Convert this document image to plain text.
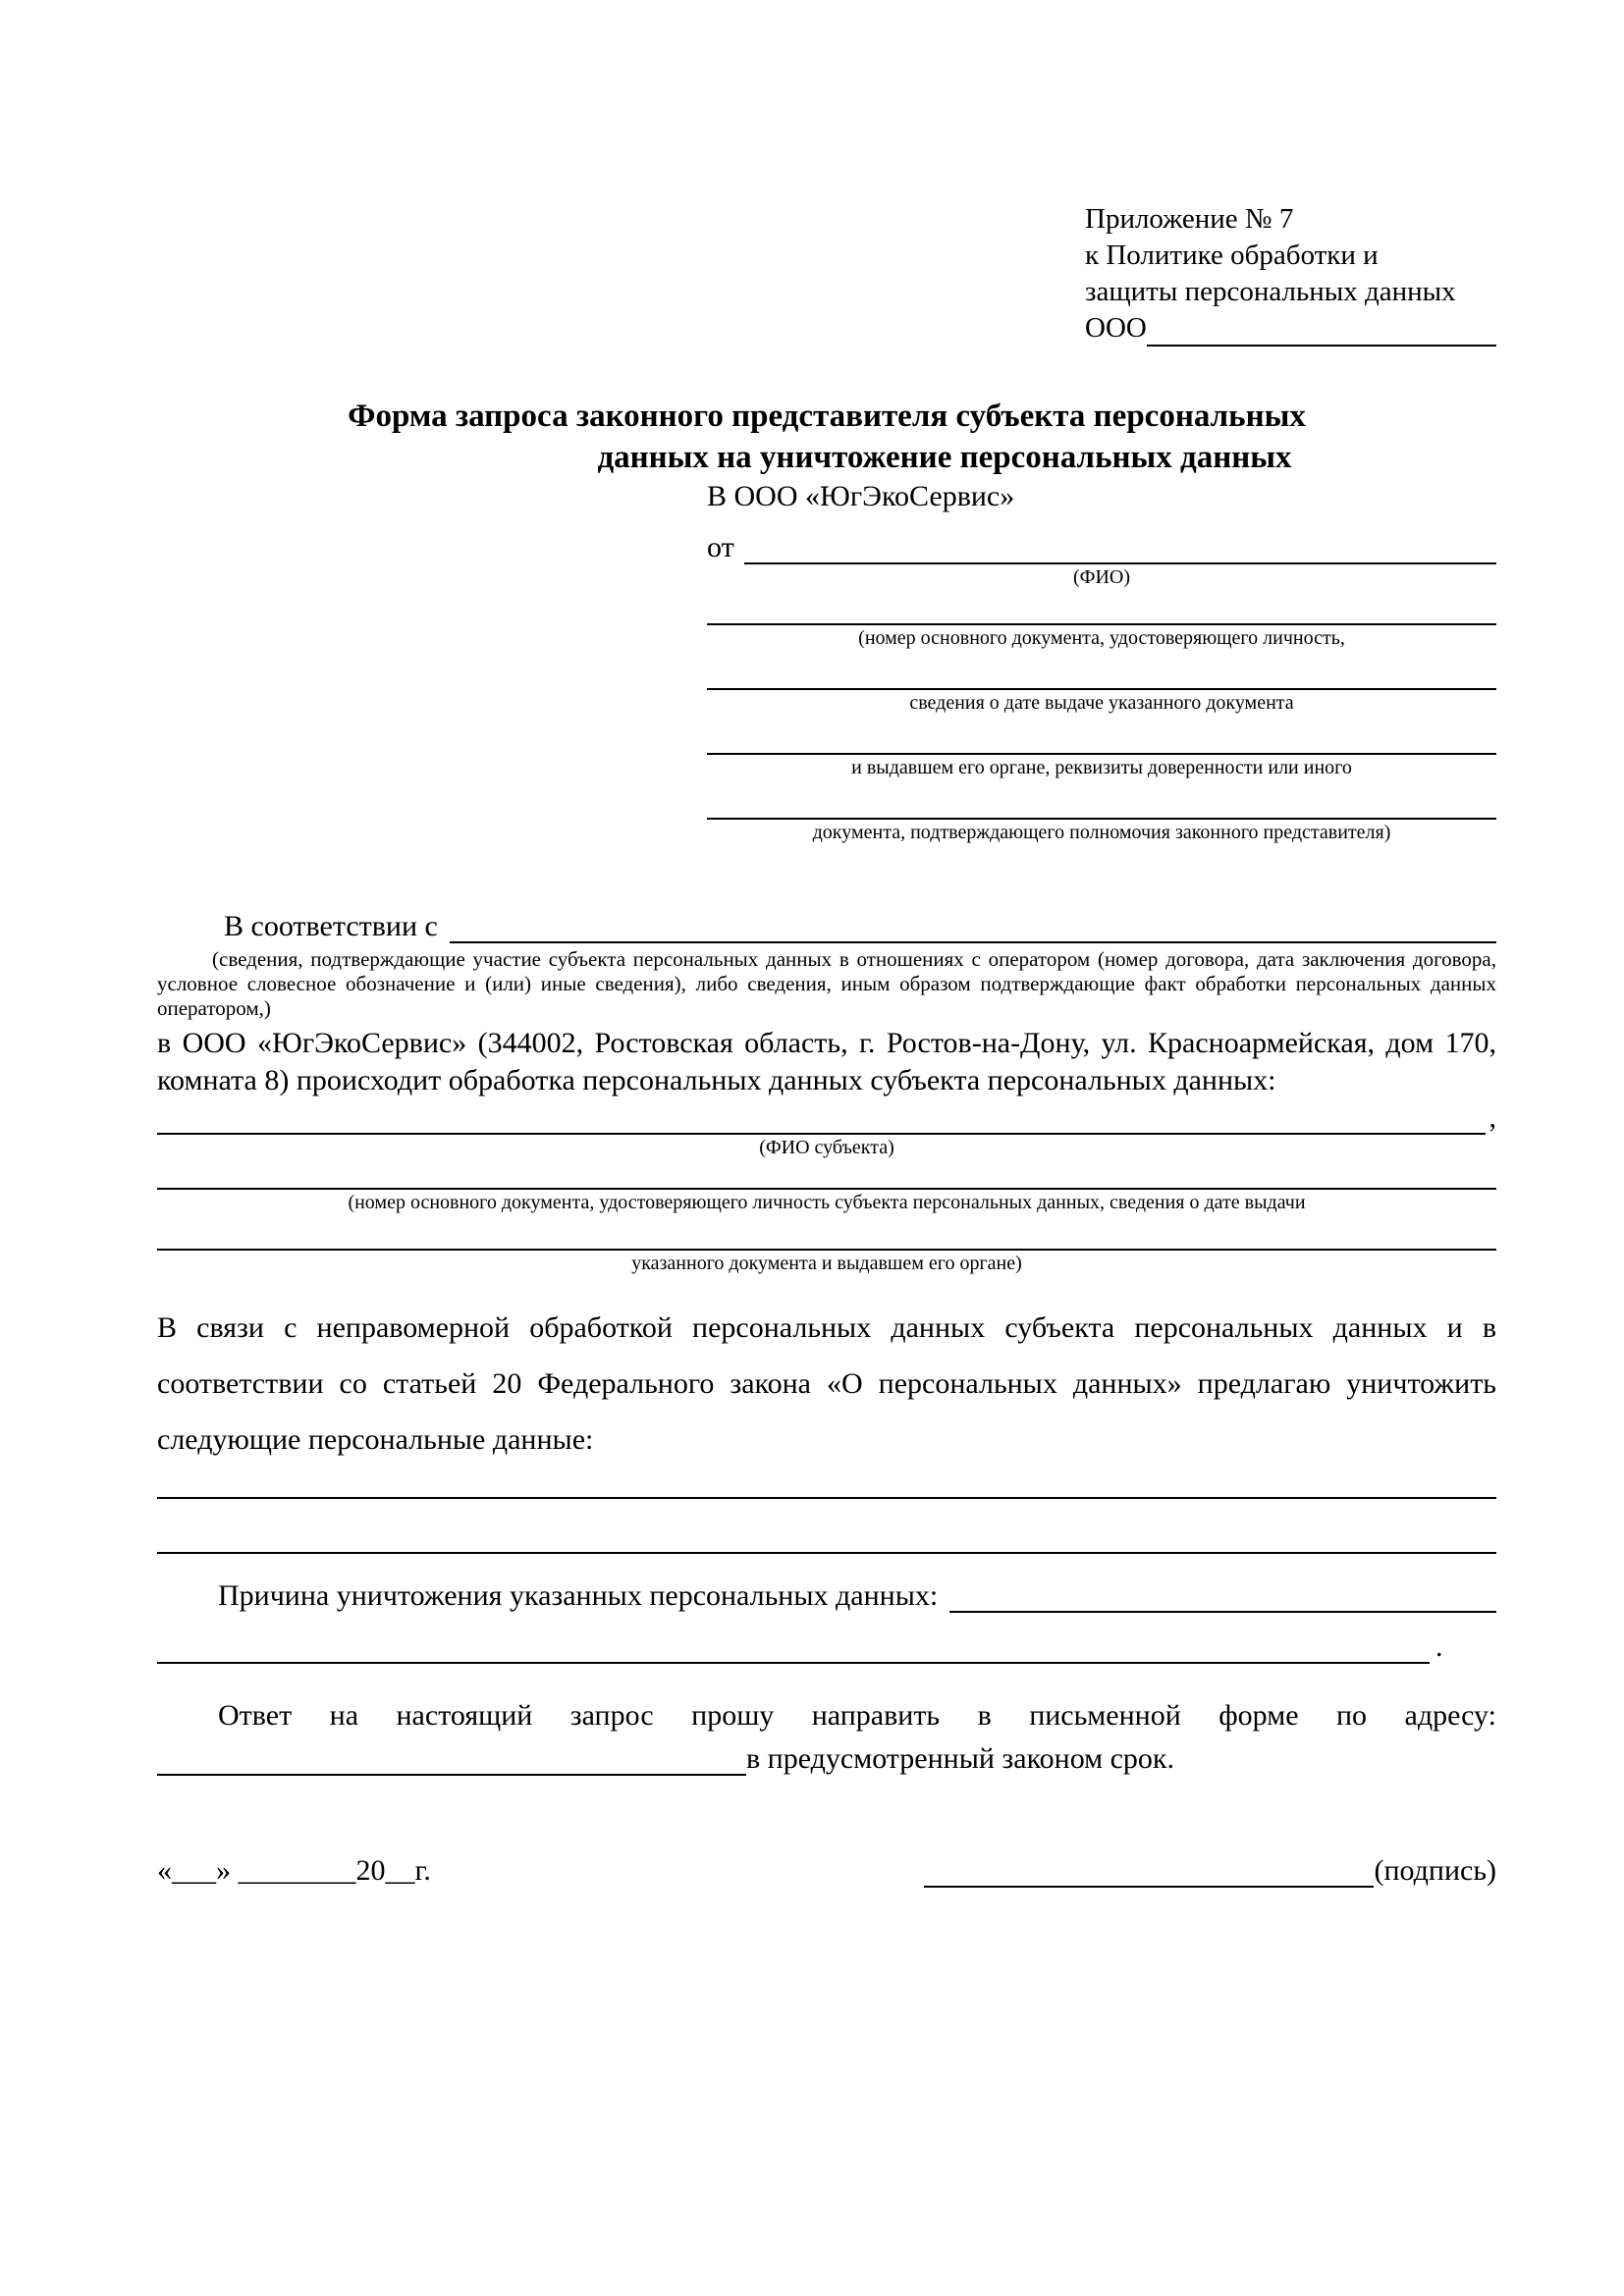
Приложение № 7
к Политике обработки и
защиты персональных данных
ООО
Форма запроса законного представителя субъекта персональных
данных на уничтожение персональных данных
В ООО «ЮгЭкоСервис»
от
(ФИО)
(номер основного документа, удостоверяющего личность,
сведения о дате выдаче указанного документа
и выдавшем его органе, реквизиты доверенности или иного
документа, подтверждающего полномочия законного представителя)
В соответствии с
(сведения, подтверждающие участие субъекта персональных данных в отношениях с оператором (номер договора, дата заключения договора, условное словесное обозначение и (или) иные сведения), либо сведения, иным образом подтверждающие факт обработки персональных данных оператором,)
в ООО «ЮгЭкоСервис» (344002, Ростовская область, г. Ростов-на-Дону, ул. Красноармейская, дом 170, комната 8) происходит обработка персональных данных субъекта персональных данных:
,
(ФИО субъекта)
(номер основного документа, удостоверяющего личность субъекта персональных данных, сведения о дате выдачи
указанного документа и выдавшем его органе)
В связи с неправомерной обработкой персональных данных субъекта персональных данных и в соответствии со статьей 20 Федерального закона «О персональных данных» предлагаю уничтожить следующие персональные данные:
Причина уничтожения указанных персональных данных:
.
Ответ на настоящий запрос прошу направить в письменной форме по адресу:
в предусмотренный законом срок.
«___» ________20__г.	(подпись)
